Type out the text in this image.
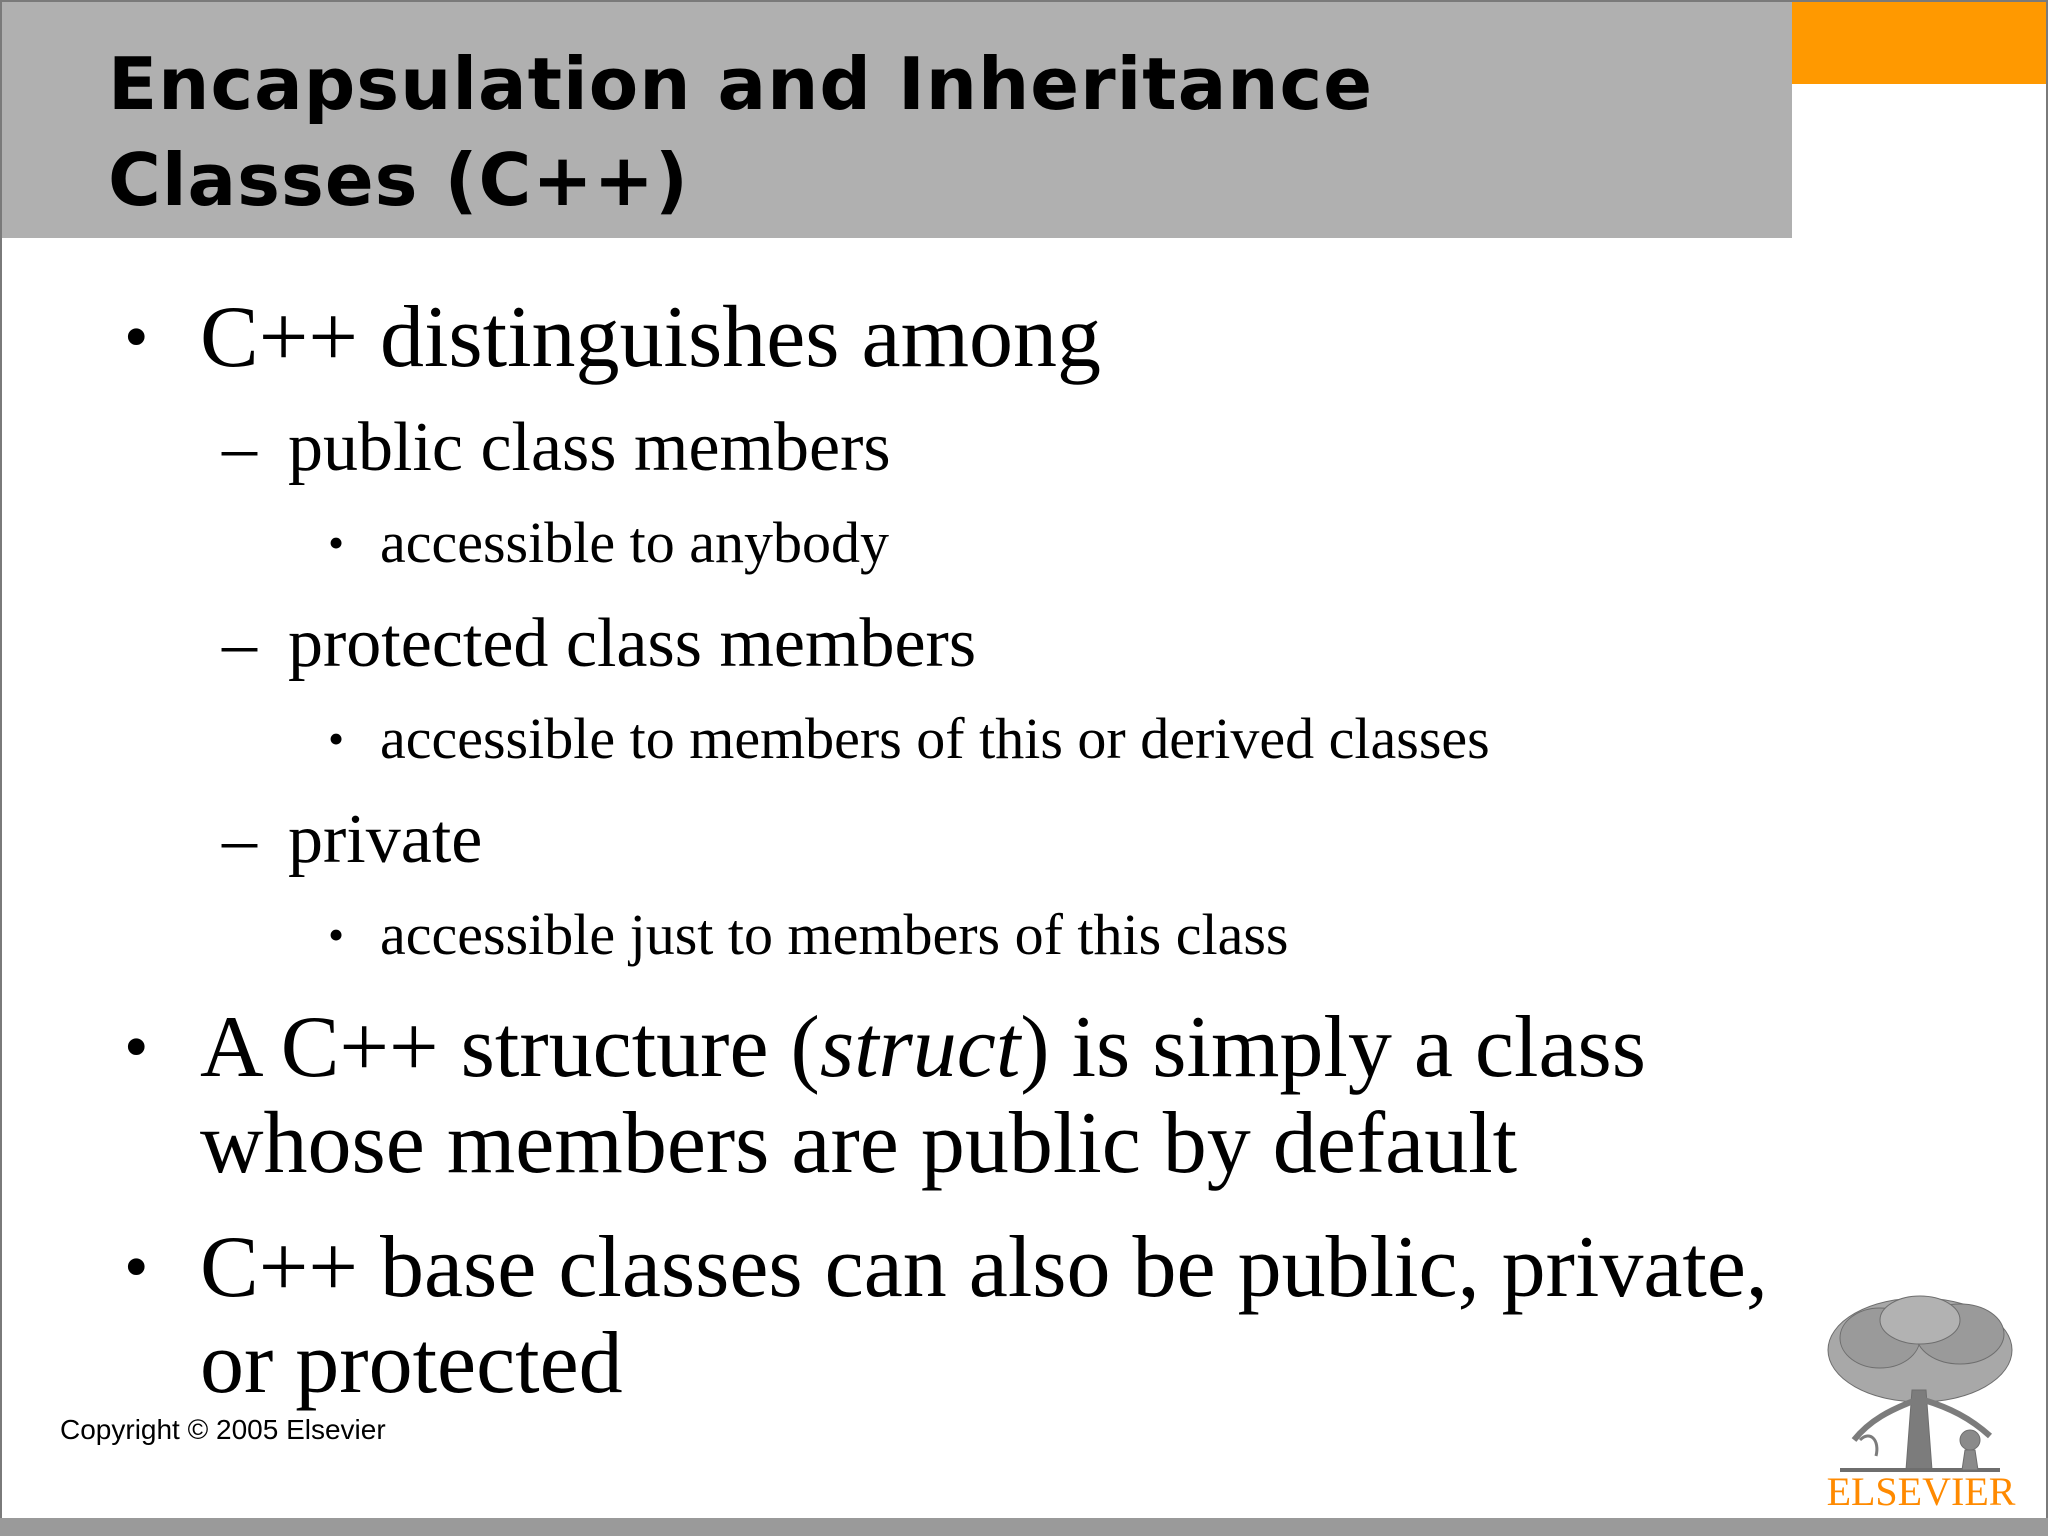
Encapsulation and Inheritance
Classes (C++)
• C++ distinguishes among
– public class members
• accessible to anybody
– protected class members
• accessible to members of this or derived classes
– private
• accessible just to members of this class
• A C++ structure (struct) is simply a class
whose members are public by default
• C++ base classes can also be public, private,
or protected
Copyright © 2005 Elsevier
ELSEVIER
